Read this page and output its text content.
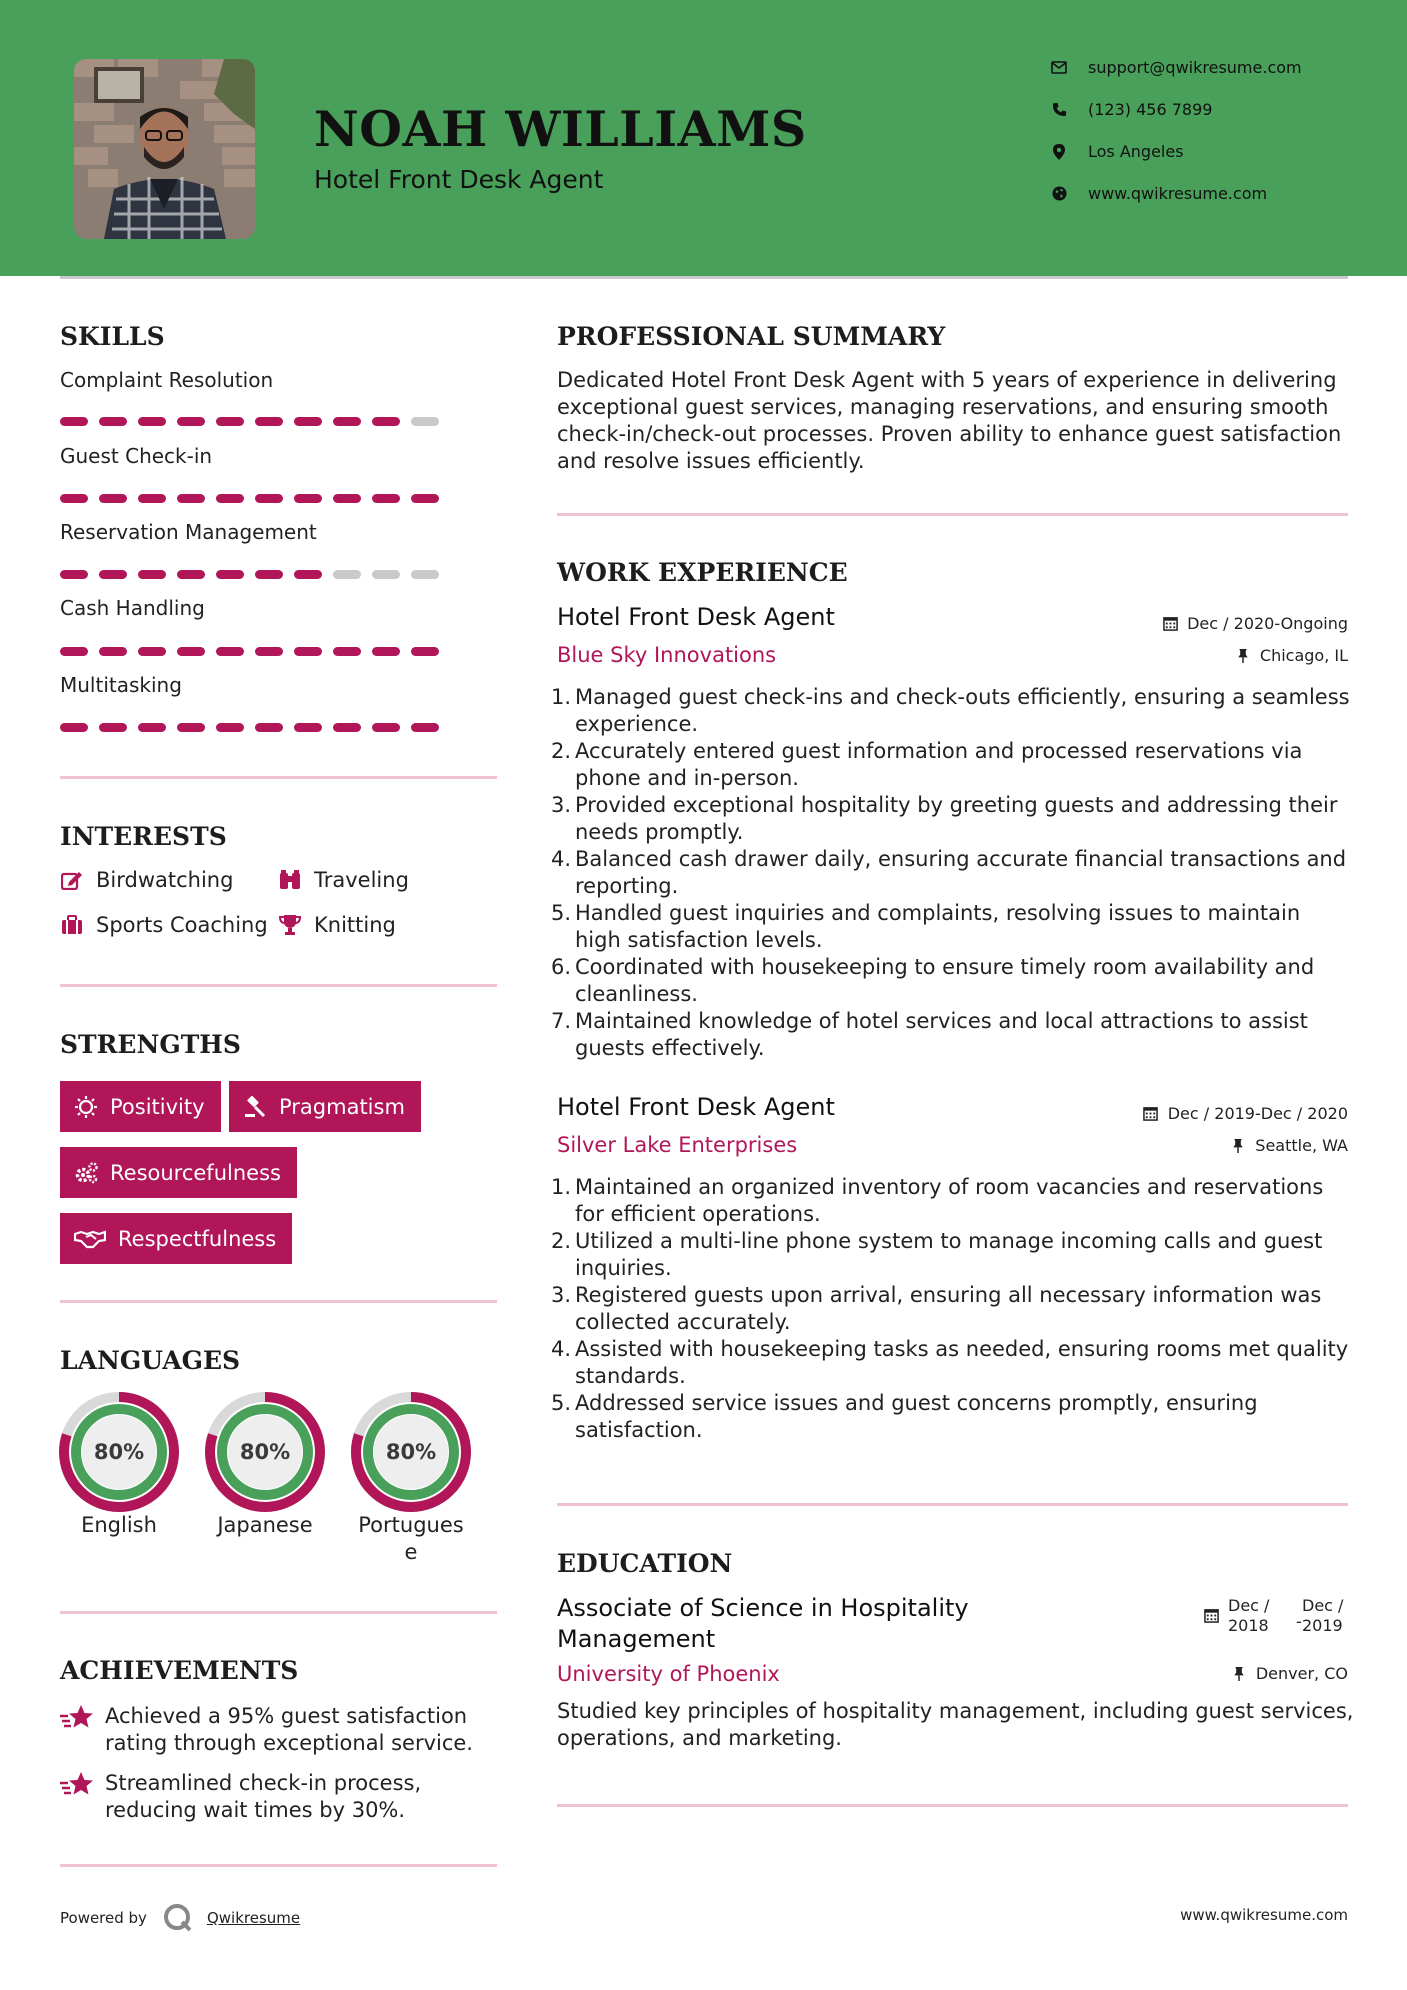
NOAH WILLIAMS
Hotel Front Desk Agent
support@qwikresume.com
(123) 456 7899
Los Angeles
www.qwikresume.com
SKILLS
Complaint Resolution
Guest Check-in
Reservation Management
Cash Handling
Multitasking
INTERESTS
Birdwatching	Traveling
Sports Coaching Knitting
STRENGTHS
Positivity	Pragmatism
Resourcefulness
Respectfulness
LANGUAGES
80%
English
80%
Japanese
80%
Portugues
e
ACHIEVEMENTS
Achieved a 95% guest satisfaction
rating through exceptional service.
Streamlined check-in process,
reducing wait times by 30%.
PROFESSIONAL SUMMARY
Dedicated Hotel Front Desk Agent with 5 years of experience in delivering
exceptional guest services, managing reservations, and ensuring smooth
check-in/check-out processes. Proven ability to enhance guest satisfaction
and resolve issues efficiently.
WORK EXPERIENCE
Hotel Front Desk Agent	Dec / 2020-Ongoing
Blue Sky Innovations	Chicago, IL
1. Managed guest check-ins and check-outs efficiently, ensuring a seamless
experience.
2. Accurately entered guest information and processed reservations via
phone and in-person.
3. Provided exceptional hospitality by greeting guests and addressing their
needs promptly.
4. Balanced cash drawer daily, ensuring accurate financial transactions and
reporting.
5. Handled guest inquiries and complaints, resolving issues to maintain
high satisfaction levels.
6. Coordinated with housekeeping to ensure timely room availability and
cleanliness.
7. Maintained knowledge of hotel services and local attractions to assist
guests effectively.
Hotel Front Desk Agent	Dec / 2019-Dec / 2020
Silver Lake Enterprises	Seattle, WA
1. Maintained an organized inventory of room vacancies and reservations
for efficient operations.
2. Utilized a multi-line phone system to manage incoming calls and guest
inquiries.
3. Registered guests upon arrival, ensuring all necessary information was
collected accurately.
4. Assisted with housekeeping tasks as needed, ensuring rooms met quality
standards.
5. Addressed service issues and guest concerns promptly, ensuring
satisfaction.
EDUCATION
Associate of Science in Hospitality
Management
Dec /
2018	-
Dec /
2019
University of Phoenix	Denver, CO
Studied key principles of hospitality management, including guest services,
operations, and marketing.
Powered by	Qwikresume	www.qwikresume.com
